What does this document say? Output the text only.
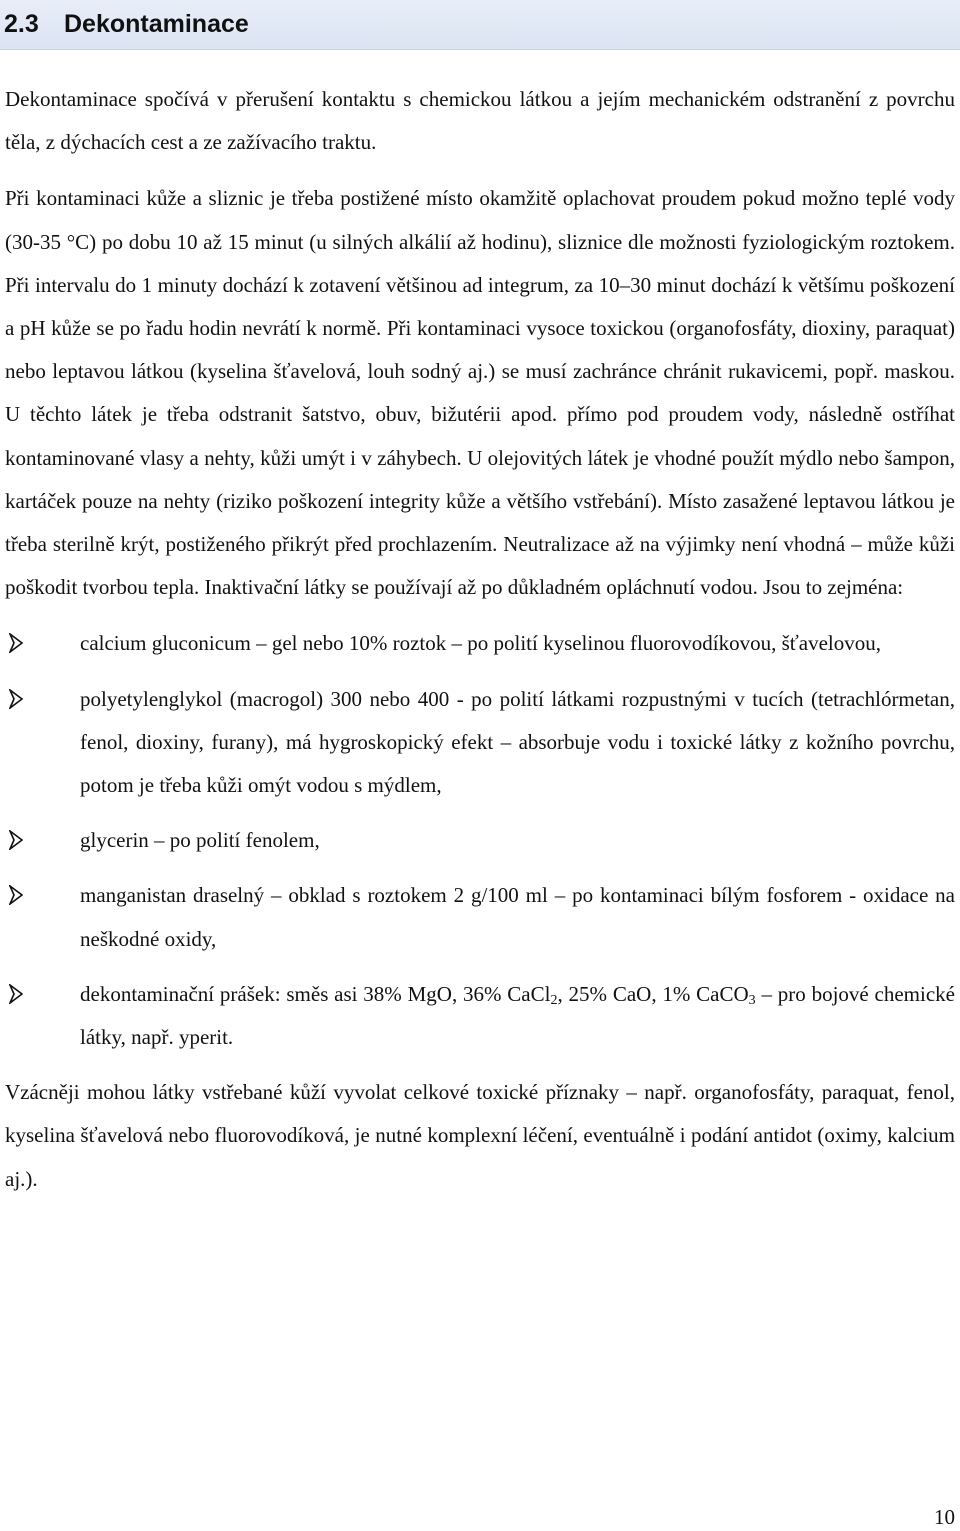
2.3	Dekontaminace

Dekontaminace spočívá v přerušení kontaktu s chemickou látkou a jejím mechanickém odstranění z povrchu těla, z dýchacích cest a ze zažívacího traktu.

Při kontaminaci kůže a sliznic je třeba postižené místo okamžitě oplachovat proudem pokud možno teplé vody (30-35 °C) po dobu 10 až 15 minut (u silných alkálií až hodinu), sliznice dle možnosti fyziologickým roztokem. Při intervalu do 1 minuty dochází k zotavení většinou ad integrum, za 10–30 minut dochází k většímu poškození a pH kůže se po řadu hodin nevrátí k normě. Při kontaminaci vysoce toxickou (organofosfáty, dioxiny, paraquat) nebo leptavou látkou (kyselina šťavelová, louh sodný aj.) se musí zachránce chránit rukavicemi, popř. maskou. U těchto látek je třeba odstranit šatstvo, obuv, bižutérii apod. přímo pod proudem vody, následně ostříhat kontaminované vlasy a nehty, kůži umýt i v záhybech. U olejovitých látek je vhodné použít mýdlo nebo šampon, kartáček pouze na nehty (riziko poškození integrity kůže a většího vstřebání). Místo zasažené leptavou látkou je třeba sterilně krýt, postiženého přikrýt před prochlazením. Neutralizace až na výjimky není vhodná – může kůži poškodit tvorbou tepla. Inaktivační látky se používají až po důkladném opláchnutí vodou. Jsou to zejména:

calcium gluconicum – gel nebo 10% roztok – po polití kyselinou fluorovodíkovou, šťavelovou,
polyetylenglykol (macrogol) 300 nebo 400 - po polití látkami rozpustnými v tucích (tetrachlórmetan, fenol, dioxiny, furany), má hygroskopický efekt – absorbuje vodu i toxické látky z kožního povrchu, potom je třeba kůži omýt vodou s mýdlem,
glycerin – po polití fenolem,
manganistan draselný – obklad s roztokem 2 g/100 ml – po kontaminaci bílým fosforem - oxidace na neškodné oxidy,
dekontaminační prášek: směs asi 38% MgO, 36% CaCl$_2$, 25% CaO, 1% CaCO$_3$ – pro bojové chemické látky, např. yperit.

Vzácněji mohou látky vstřebané kůží vyvolat celkové toxické příznaky – např. organofosfáty, paraquat, fenol, kyselina šťavelová nebo fluorovodíková, je nutné komplexní léčení, eventuálně i podání antidot (oximy, kalcium aj.).

10
